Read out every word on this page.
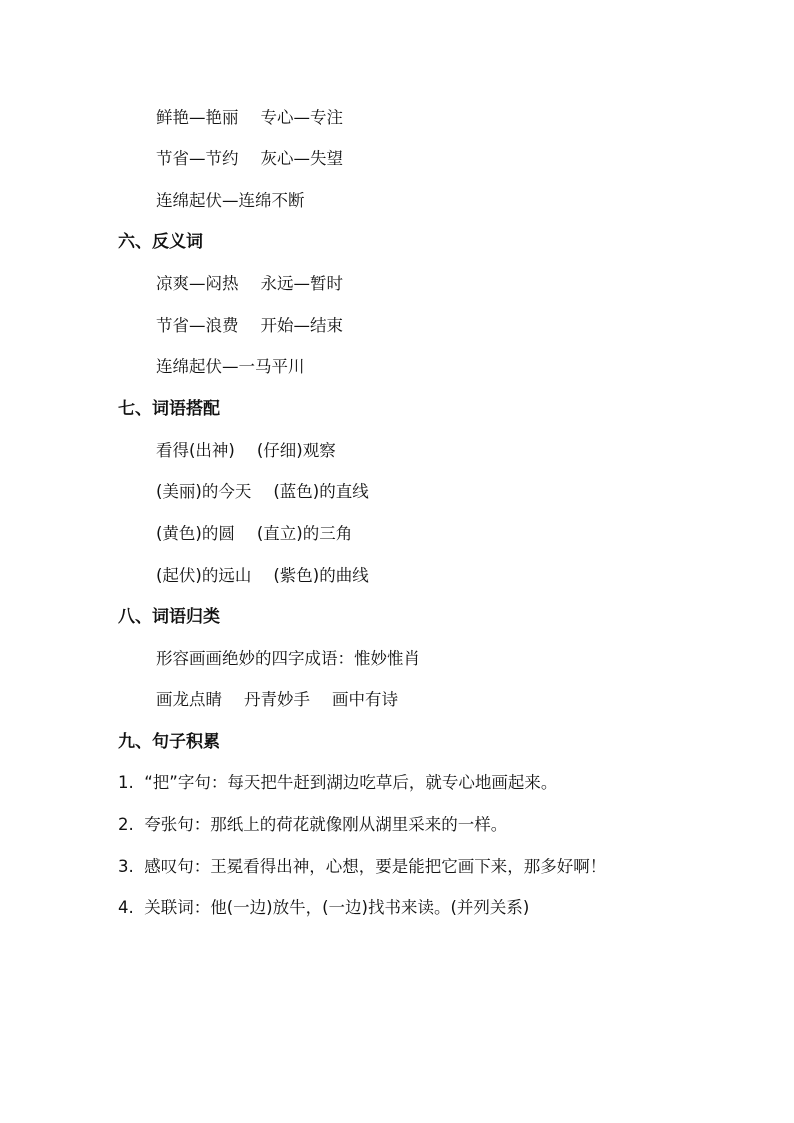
鲜艳—艳丽 专心—专注
节省—节约 灰心—失望
连绵起伏—连绵不断
六、反义词
凉爽—闷热 永远—暂时
节省—浪费 开始—结束
连绵起伏—一马平川
七、词语搭配
看得(出神) (仔细)观察
(美丽)的今天 (蓝色)的直线
(黄色)的圆 (直立)的三角
(起伏)的远山 (紫色)的曲线
八、词语归类
形容画画绝妙的四字成语：惟妙惟肖
画龙点睛 丹青妙手 画中有诗
九、句子积累
1. “把”字句：每天把牛赶到湖边吃草后，就专心地画起来。
2. 夸张句：那纸上的荷花就像刚从湖里采来的一样。
3. 感叹句：王冕看得出神，心想，要是能把它画下来，那多好啊！
4. 关联词：他(一边)放牛，(一边)找书来读。(并列关系)
